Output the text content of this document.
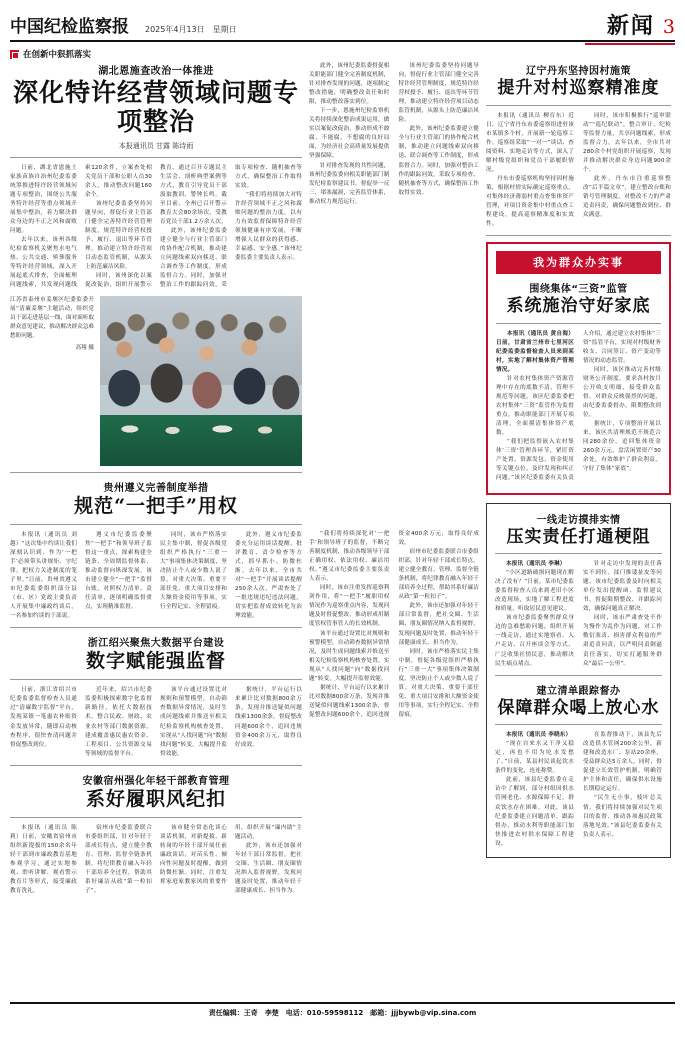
中国纪检监察报 2025年4月13日　星期日	新闻 3
在创新中狠抓落实
湖北恩施查改治一体推进
深化特许经营领域问题专项整治
本报通讯员 甘露 陈诗雨

日前，湖北省恩施土家族苗族自治州纪委监委统筹推进特许经营领域问题专项整治，围绕公共服务特许经营等重点领域开展集中整治，着力解决群众身边的不正之风和腐败问题。

去年以来，该州各级纪检监察机关聚焦水电气热、公共交通、殡葬服务等特许经营领域，深入开展起底式排查，全面梳理问题线索，共发现问题线索120余件，立案查处相关党员干部和公职人员30余人，推动整改问题160余个。

该州纪委监委坚持问题导向，督促行业主管部门健全完善特许经营管理制度，规范特许经营权授予、履行、退出等环节管理，推动建立特许经营项目动态监管机制，从源头上防范廉洁风险。

同时，该州深化以案促改促治，组织开展警示教育，通过召开专题民主生活会、剖析典型案例等方式，教育引导党员干部汲取教训、警钟长鸣。截至目前，全州已召开警示教育大会80余场次，受教育党员干部1.2万余人次。

此外，该州纪委监委建立健全与行业主管部门的协作配合机制，推动建立问题线索双向移送、联合调查等工作制度，形成监督合力。同时，加强对整治工作的跟踪问效，采取专项检查、随机抽查等方式，确保整治工作取得实效。

“我们将持续加大对特许经营领域不正之风和腐败问题的整治力度，以有力有效监督保障特许经营领域健康有序发展，不断增强人民群众的获得感、幸福感、安全感。”该州纪委监委主要负责人表示。

江苏省泰州市姜堰区纪委监委开展“清廉姜堰”主题活动，组织党员干部走进基层一线，面对面听取群众意见建议，推动解决群众急难愁盼问题。
高翔 摄
贵州遵义完善制度举措
规范“一把手”用权

本报讯（通讯员 刘越）“这次集中约谈让我们深刻认识到，作为‘一把手’必须带头讲规矩、守纪律，把权力关进制度的笼子里。”日前，贵州省遵义市纪委监委组织部分县（市、区）党政主要负责人开展集中廉政约谈后，一名参加约谈的干部说。

遵义市纪委监委聚焦“一把手”和领导班子监督这一重点，探索构建全链条、全周期监督体系，推动监督向纵深发展。该市建立健全“一把手”监督台账，对照权力清单、责任清单，逐项明确监督重点，实现精准监督。

同时，该市严格落实民主集中制，督促各级党组织严格执行“三重一大”事项集体决策制度，坚决防止个人或少数人说了算。对重大决策、重要干部任免、重大项目安排和大额资金使用等事项，实行全程记实、全程留痕。

此外，遵义市纪委监委充分运用谈话提醒、批评教育、责令检查等方式，抓早抓小、防微杜渐。去年以来，全市共对“一把手”开展谈话提醒250余人次，严肃查处了一批违规违纪违法问题，切实把监督成效转化为治理效能。

浙江绍兴聚焦大数据平台建设
数字赋能强监督

日前，浙江省绍兴市纪委监委监督检查人员通过“清廉数字监督”平台，发现某镇一笔惠农补贴资金发放异常，随即启动核查程序，很快查清问题并督促整改到位。

近年来，绍兴市纪委监委积极探索数字化监督新路径，依托大数据技术，整合民政、财政、农业农村等部门数据资源，建成覆盖惠民惠农资金、工程项目、公共资源交易等领域的监督平台。

该平台通过设置比对规则和预警模型，自动筛查数据异常情况，及时生成问题线索并推送至相关纪检监察机构核查处置，实现从“人找问题”向“数据找问题”转变，大幅提升监督效能。

据统计，平台运行以来累计比对数据800余万条，发现并推送疑似问题线索1300余条，督促整改问题600余个，追回违规资金400余万元，取得良好成效。

安徽宿州强化年轻干部教育管理
系好履职风纪扣

本报讯（通讯员 陈莉）日前，安徽省宿州市组织新提拔的150余名年轻干部到市廉政教育基地参观学习，通过实地参观、聆听讲解、观看警示教育片等形式，接受廉政教育洗礼。

宿州市纪委监委联合市委组织部，针对年轻干部成长特点，建立健全教育、管理、监督全链条机制，将纪律教育融入年轻干部培养全过程，帮助其系好廉洁从政“第一粒扣子”。

该市健全常态化谈心谈话机制，对新提拔、新转岗的年轻干部开展任前廉政谈话，对苗头性、倾向性问题及时提醒，做到防微杜渐。同时，注重发挥家庭家教家风的重要作用，组织开展“廉内助”主题活动。

此外，该市还加强对年轻干部日常监督，把社交圈、生活圈、朋友圈情况纳入监督视野，发现问题及时处置，推动年轻干部健康成长、担当作为。

此外，该州纪委监委督促相关职能部门健全完善制度机制，针对排查发现的问题，逐项制定整改措施，明确整改责任和时限，推动整改落实到位。

下一步，恩施州纪检监察机关将持续深化整治成果运用，做实以案促改促治，推动形成不敢腐、不能腐、不想腐的良好局面，为经济社会高质量发展提供坚强保障。

针对排查发现的共性问题，该州纪委监委向相关职能部门制发纪检监察建议书，督促举一反三、堵塞漏洞，完善监管体系，推动权力规范运行。

该州纪委监委坚持问题导向，督促行业主管部门健全完善特许经营管理制度，规范特许经营权授予、履行、退出等环节管理，推动建立特许经营项目动态监管机制，从源头上防范廉洁风险。

此外，该州纪委监委建立健全与行业主管部门的协作配合机制，推动建立问题线索双向移送、联合调查等工作制度，形成监督合力。同时，加强对整治工作的跟踪问效，采取专项检查、随机抽查等方式，确保整治工作取得实效。

“我们将持续深化对‘一把手’和领导班子的监督，不断完善制度机制，推动各级领导干部正确用权、依法用权、廉洁用权。”遵义市纪委监委主要负责人表示。

同时，该市注重发挥巡察利剑作用，将“一把手”履职用权情况作为巡察重点内容，发现问题及时督促整改，推动形成用制度管权管事管人的长效机制。

该平台通过设置比对规则和预警模型，自动筛查数据异常情况，及时生成问题线索并推送至相关纪检监察机构核查处置，实现从“人找问题”向“数据找问题”转变，大幅提升监督效能。

据统计，平台运行以来累计比对数据800余万条，发现并推送疑似问题线索1300余条，督促整改问题600余个，追回违规资金400余万元，取得良好成效。

宿州市纪委监委联合市委组织部，针对年轻干部成长特点，建立健全教育、管理、监督全链条机制，将纪律教育融入年轻干部培养全过程，帮助其系好廉洁从政“第一粒扣子”。

此外，该市还加强对年轻干部日常监督，把社交圈、生活圈、朋友圈情况纳入监督视野，发现问题及时处置，推动年轻干部健康成长、担当作为。

同时，该市严格落实民主集中制，督促各级党组织严格执行“三重一大”事项集体决策制度，坚决防止个人或少数人说了算。对重大决策、重要干部任免、重大项目安排和大额资金使用等事项，实行全程记实、全程留痕。

辽宁丹东坚持因村施策
提升对村巡察精准度

本报讯（通讯员 柳育东）近日，辽宁省丹东市委巡察组进驻该市某镇多个村，开展新一轮巡察工作。巡察组采取“一对一”谈话、查阅资料、实地走访等方式，深入了解村级党组织和党员干部履职情况。

丹东市委巡察机构坚持因村施策，根据村情实际确定巡察重点，对集体经济薄弱村重点查集体资产管理，对项目资金集中村重点查工程建设，提高巡察精准度和实效性。

同时，该市积极推行“巡审联动”“巡纪联动”，整合审计、纪检等监督力量，共享问题线索，形成监督合力。去年以来，全市共对280余个村党组织开展巡察，发现并推动解决群众身边问题900余个。

此外，丹东市注重巡察整改“后半篇文章”，建立整改台账和销号管理制度，对整改不力的严肃追责问责，确保问题整改到位、群众满意。

我为群众办实事
围绕集体“三资”监管
系统施治守好家底

本报讯（通讯员 黄自海）日前，甘肃省兰州市七里河区纪委监委监督检查人员来到某村，实地了解村集体资产管理情况。

针对农村集体资产资源管理中存在的底数不清、管理不规范等问题，该区纪委监委把农村集体“三资”监管作为监督重点，推动职能部门开展专项清理，全面摸清集体资产底数。

“我们把监督嵌入农村集体‘三资’管理各环节，紧盯资产处置、资源发包、资金使用等关键点位，及时发现和纠正问题。”该区纪委监委有关负责人介绍，通过建立农村集体“三资”监管平台，实现对村级财务收支、合同签订、资产变动等情况的动态监管。

同时，该区推动完善村级财务公开制度，要求各村按月公开收支明细，接受群众监督。对群众反映强烈的问题，由纪委监委督办，限期整改到位。

据统计，专项整治开展以来，该区共清理规范不规范合同280余份，追回集体资金260余万元，盘活闲置资产30余处，有效维护了群众利益，守好了集体“家底”。

一线走访摸排实情
压实责任打通梗阻

本报讯（通讯员 李琳）

“小区道路破损问题现在解决了没有？”日前，某市纪委监委监督检查人员来到老旧小区改造现场，实地了解工程进度和质量，听取居民意见建议。

该市纪委监委聚焦群众身边的急难愁盼问题，组织开展一线走访，通过实地察看、入户走访、召开座谈会等方式，广泛收集社情民意，推动解决民生痛点堵点。

针对走访中发现的责任落实不到位、部门推诿扯皮等问题，该市纪委监委及时向相关单位发出提醒函、监督建议书，督促限期整改，并跟踪问效，确保问题真正解决。

同时，该市严肃查处不作为慢作为乱作为问题，对工作敷衍塞责、损害群众利益的严肃追责问责，以严明问责倒逼责任落实，切实打通服务群众“最后一公里”。

建立清单跟踪督办
保障群众喝上放心水

本报讯（通讯员 李晓东）

“现在自来水又干净又稳定，再也不用为吃水发愁了。”日前，某县村民谈起饮水条件的变化，连连称赞。

此前，该县纪委监委在走访中了解到，部分村组因供水管网老化、水源保障不足，群众饮水存在困难。对此，该县纪委监委建立问题清单，跟踪督办，推动水利等职能部门加快推进农村供水保障工程建设。

在监督推动下，该县先后改造供水管网200余公里，新建和改造水厂、泵站20余座，受益群众达5万余人。同时，督促建立长效管护机制，明确管护主体和责任，确保供水设施长期稳定运行。

“民生无小事，枝叶总关情。我们将持续加强对民生项目的监督，推动各项惠民政策落地见效。”该县纪委监委有关负责人表示。

责任编辑：王奇　李楚　电话：010-59598112　邮箱：jjjbywb@vip.sina.com
